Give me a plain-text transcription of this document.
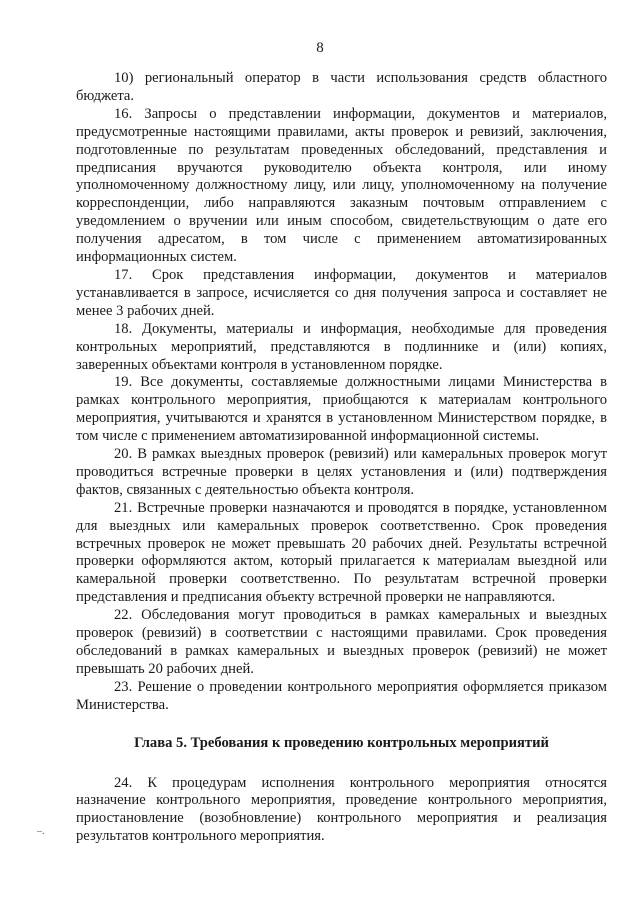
8

10) региональный оператор в части использования средств областного бюджета.

16. Запросы о представлении информации, документов и материалов, предусмотренные настоящими правилами, акты проверок и ревизий, заключения, подготовленные по результатам проведенных обследований, представления и предписания вручаются руководителю объекта контроля, или иному уполномоченному должностному лицу, или лицу, уполномоченному на получение корреспонденции, либо направляются заказным почтовым отправлением с уведомлением о вручении или иным способом, свидетельствующим о дате его получения адресатом, в том числе с применением автоматизированных информационных систем.

17. Срок представления информации, документов и материалов устанавливается в запросе, исчисляется со дня получения запроса и составляет не менее 3 рабочих дней.

18. Документы, материалы и информация, необходимые для проведения контрольных мероприятий, представляются в подлиннике и (или) копиях, заверенных объектами контроля в установленном порядке.

19. Все документы, составляемые должностными лицами Министерства в рамках контрольного мероприятия, приобщаются к материалам контрольного мероприятия, учитываются и хранятся в установленном Министерством порядке, в том числе с применением автоматизированной информационной системы.

20. В рамках выездных проверок (ревизий) или камеральных проверок могут проводиться встречные проверки в целях установления и (или) подтверждения фактов, связанных с деятельностью объекта контроля.

21. Встречные проверки назначаются и проводятся в порядке, установленном для выездных или камеральных проверок соответственно. Срок проведения встречных проверок не может превышать 20 рабочих дней. Результаты встречной проверки оформляются актом, который прилагается к материалам выездной или камеральной проверки соответственно. По результатам встречной проверки представления и предписания объекту встречной проверки не направляются.

22. Обследования могут проводиться в рамках камеральных и выездных проверок (ревизий) в соответствии с настоящими правилами. Срок проведения обследований в рамках камеральных и выездных проверок (ревизий) не может превышать 20 рабочих дней.

23. Решение о проведении контрольного мероприятия оформляется приказом Министерства.

Глава 5. Требования к проведению контрольных мероприятий

24. К процедурам исполнения контрольного мероприятия относятся назначение контрольного мероприятия, проведение контрольного мероприятия, приостановление (возобновление) контрольного мероприятия и реализация результатов контрольного мероприятия.

–.
